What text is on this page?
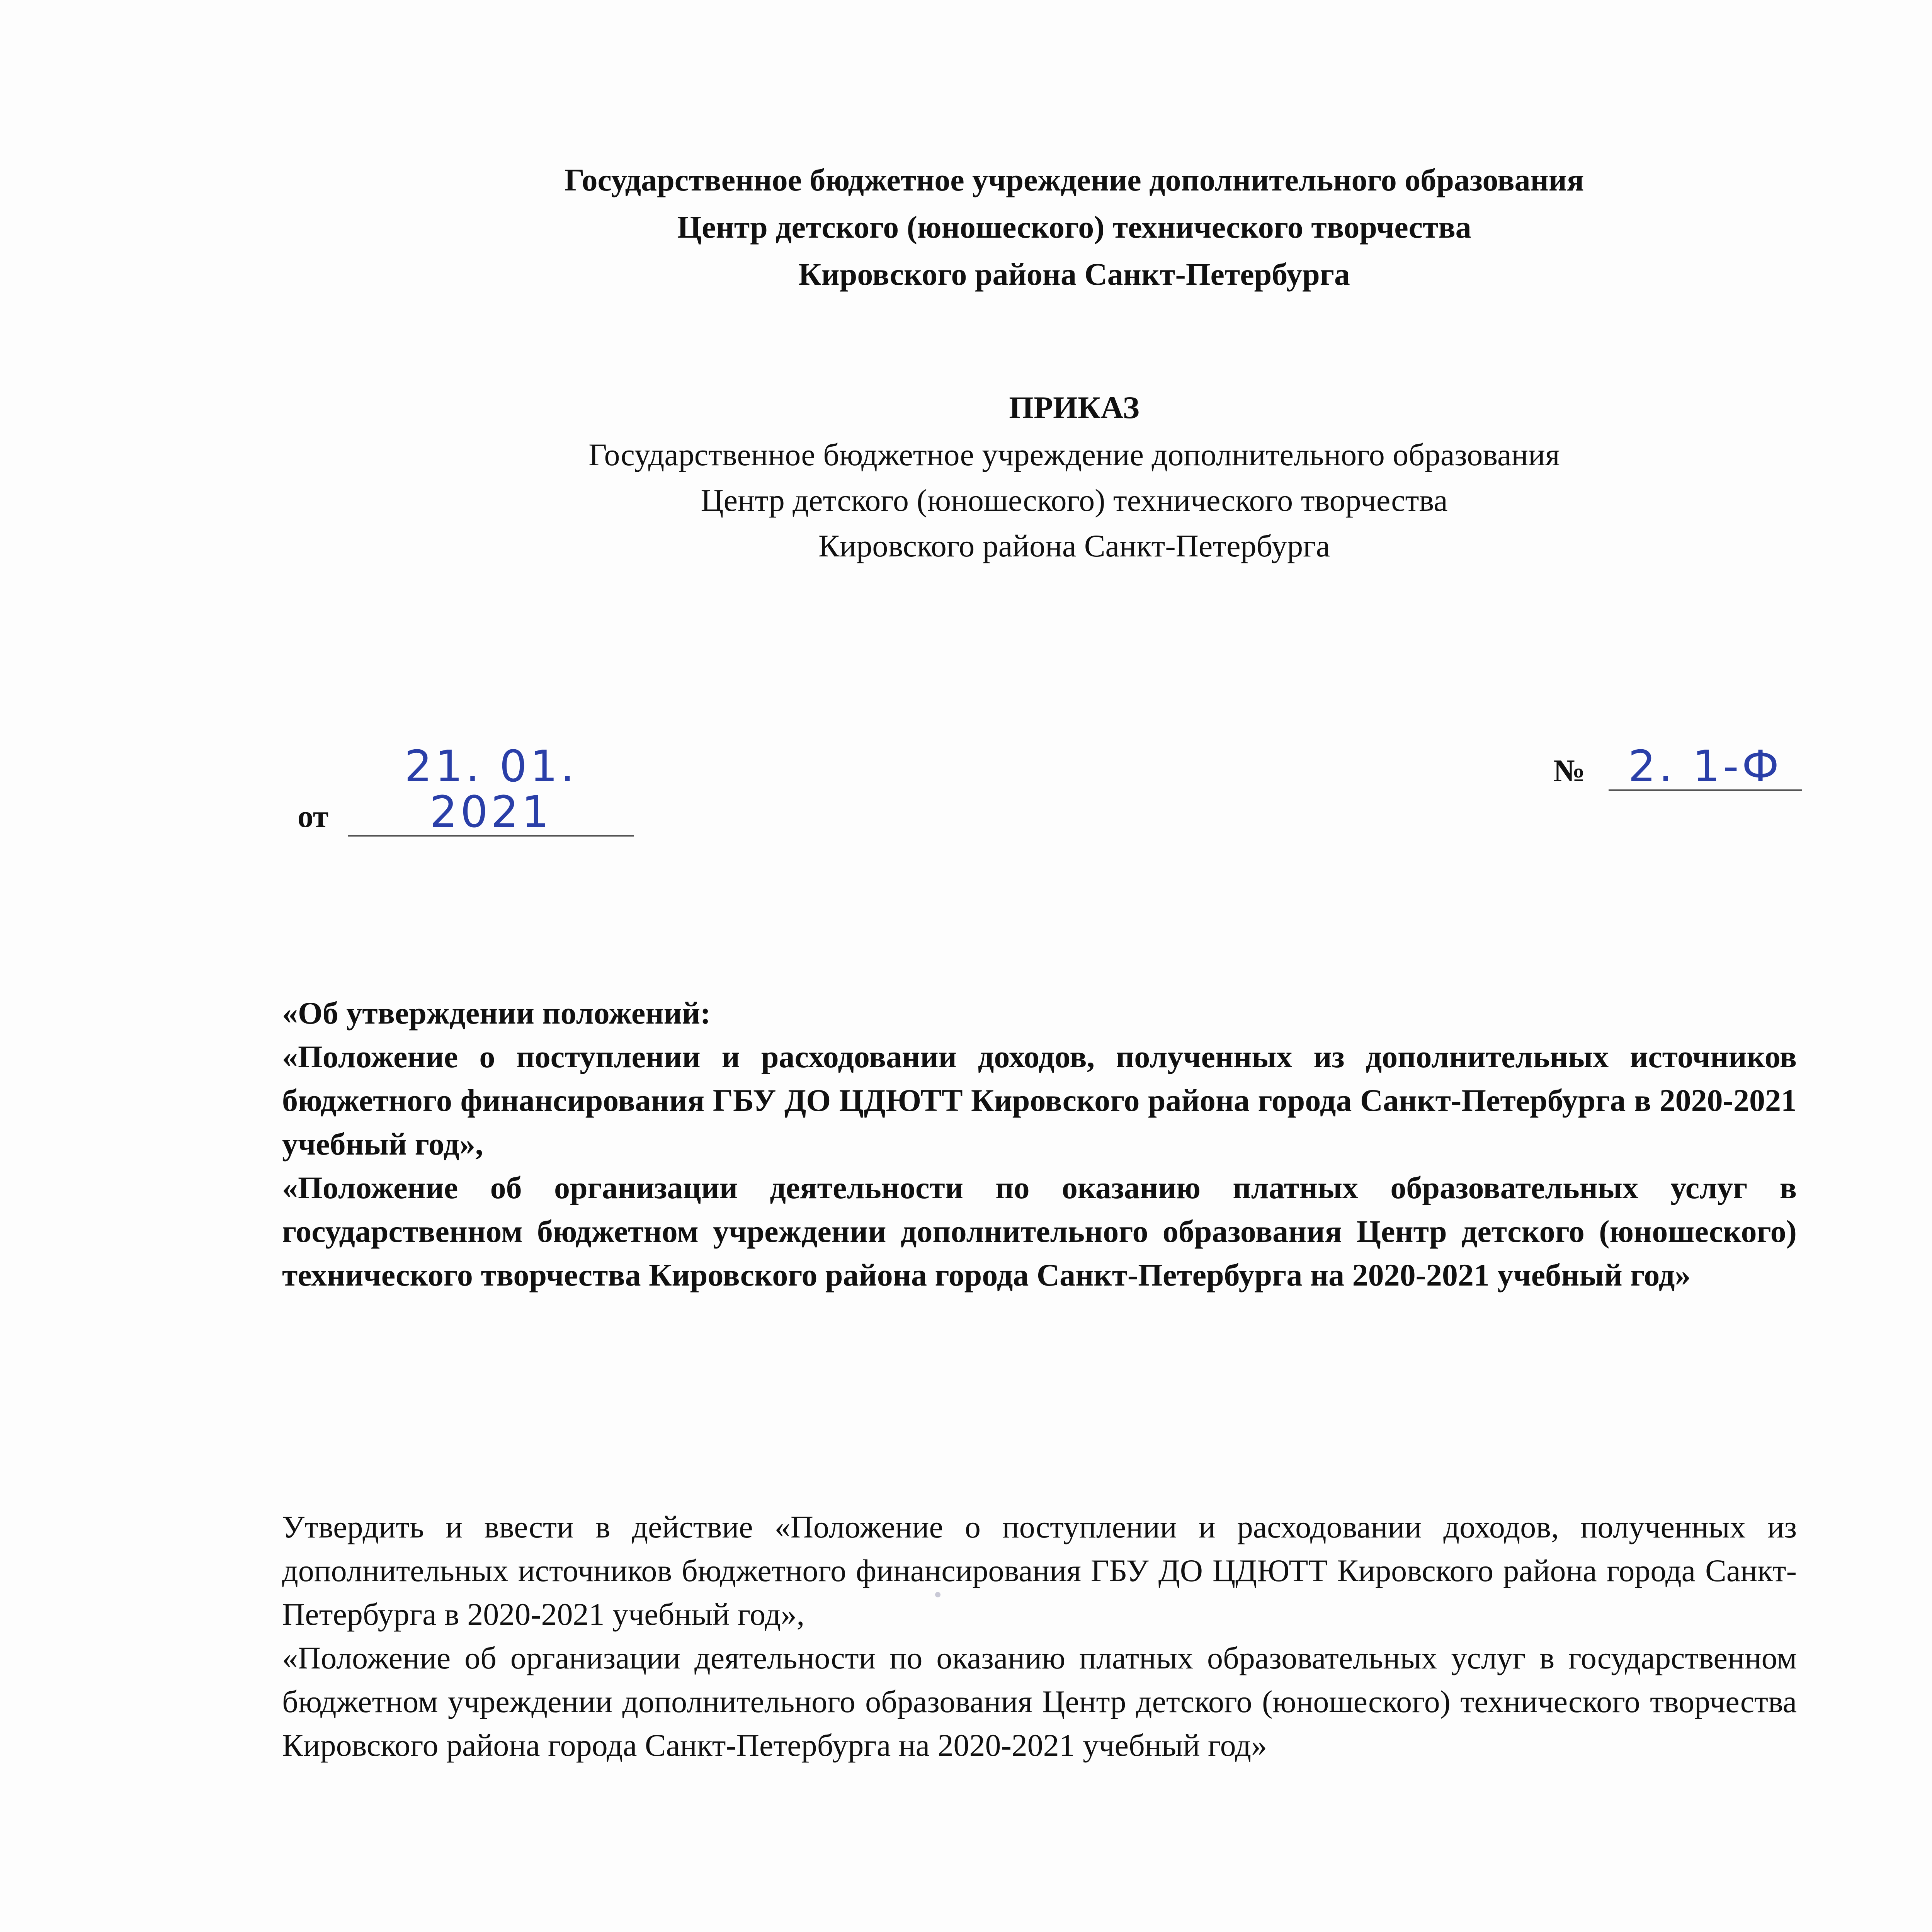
Государственное бюджетное учреждение дополнительного образования
Центр детского (юношеского) технического творчества
Кировского района Санкт-Петербурга
ПРИКАЗ
Государственное бюджетное учреждение дополнительного образования
Центр детского (юношеского) технического творчества
Кировского района Санкт-Петербурга
от 21. 01. 2021
№ 2. 1-Ф

«Об утверждении положений:

«Положение о поступлении и расходовании доходов, полученных из дополнительных источников бюджетного финансирования ГБУ ДО ЦДЮТТ Кировского района города Санкт-Петербурга в 2020-2021 учебный год»,

«Положение об организации деятельности по оказанию платных образовательных услуг в государственном бюджетном учреждении дополнительного образования Центр детского (юношеского) технического творчества Кировского района города Санкт-Петербурга на 2020-2021 учебный год»

Утвердить и ввести в действие «Положение о поступлении и расходовании доходов, полученных из дополнительных источников бюджетного финансирования ГБУ ДО ЦДЮТТ Кировского района города Санкт-Петербурга в 2020-2021 учебный год»,

«Положение об организации деятельности по оказанию платных образовательных услуг в государственном бюджетном учреждении дополнительного образования Центр детского (юношеского) технического творчества Кировского района города Санкт-Петербурга на 2020-2021 учебный год»
